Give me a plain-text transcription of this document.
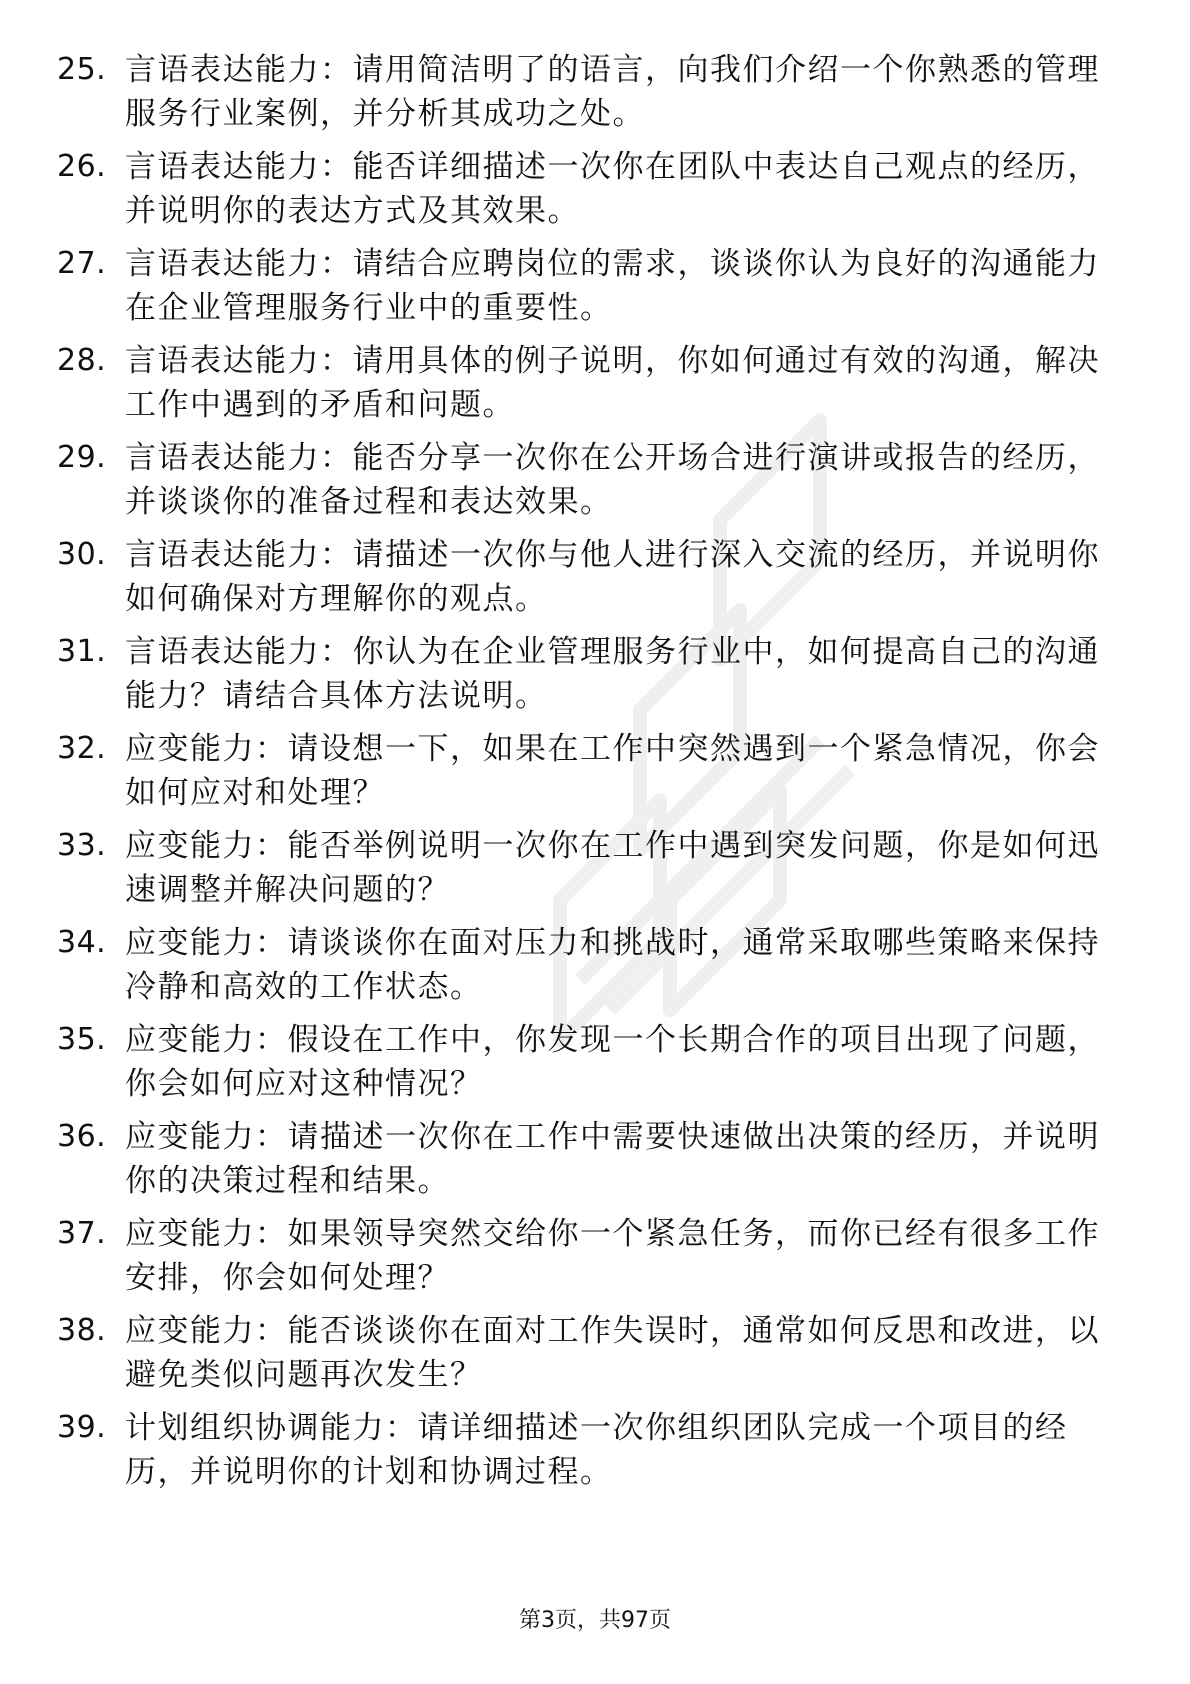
25. 言语表达能力：请用简洁明了的语言，向我们介绍一个你熟悉的管理服务行业案例，并分析其成功之处。
26. 言语表达能力：能否详细描述一次你在团队中表达自己观点的经历，并说明你的表达方式及其效果。
27. 言语表达能力：请结合应聘岗位的需求，谈谈你认为良好的沟通能力在企业管理服务行业中的重要性。
28. 言语表达能力：请用具体的例子说明，你如何通过有效的沟通，解决工作中遇到的矛盾和问题。
29. 言语表达能力：能否分享一次你在公开场合进行演讲或报告的经历，并谈谈你的准备过程和表达效果。
30. 言语表达能力：请描述一次你与他人进行深入交流的经历，并说明你如何确保对方理解你的观点。
31. 言语表达能力：你认为在企业管理服务行业中，如何提高自己的沟通能力？请结合具体方法说明。
32. 应变能力：请设想一下，如果在工作中突然遇到一个紧急情况，你会如何应对和处理？
33. 应变能力：能否举例说明一次你在工作中遇到突发问题，你是如何迅速调整并解决问题的？
34. 应变能力：请谈谈你在面对压力和挑战时，通常采取哪些策略来保持冷静和高效的工作状态。
35. 应变能力：假设在工作中，你发现一个长期合作的项目出现了问题，你会如何应对这种情况？
36. 应变能力：请描述一次你在工作中需要快速做出决策的经历，并说明你的决策过程和结果。
37. 应变能力：如果领导突然交给你一个紧急任务，而你已经有很多工作安排，你会如何处理？
38. 应变能力：能否谈谈你在面对工作失误时，通常如何反思和改进，以避免类似问题再次发生？
39. 计划组织协调能力：请详细描述一次你组织团队完成一个项目的经历，并说明你的计划和协调过程。
第3页，共97页
